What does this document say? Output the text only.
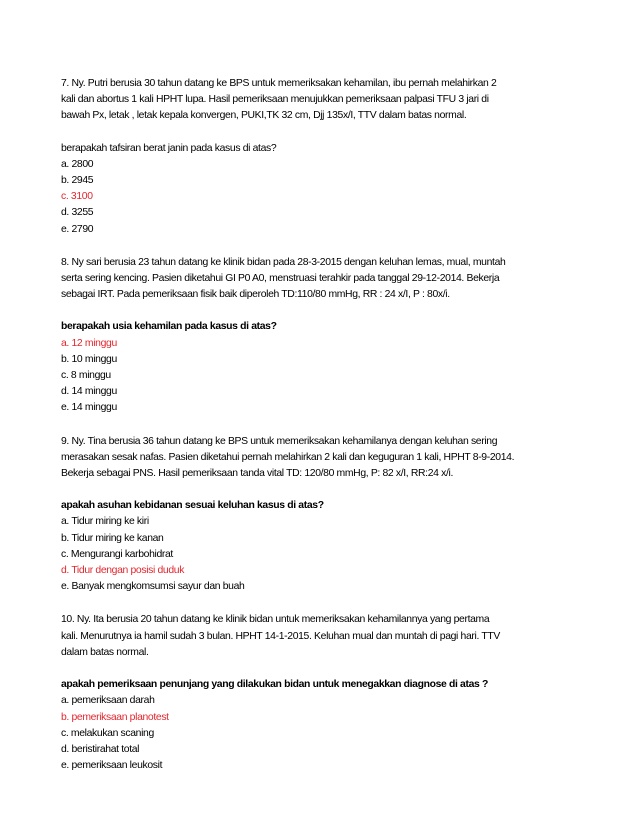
7. Ny. Putri berusia 30 tahun datang ke BPS untuk memeriksakan kehamilan, ibu pernah melahirkan 2
kali dan abortus 1 kali HPHT lupa. Hasil pemeriksaan menujukkan pemeriksaan palpasi TFU 3 jari di
bawah Px, letak , letak kepala konvergen, PUKI,TK 32 cm, Djj 135x/I, TTV dalam batas normal.

berapakah tafsiran berat janin pada kasus di atas?

a. 2800
b. 2945
c. 3100
d. 3255
e. 2790

8. Ny sari berusia 23 tahun datang ke klinik bidan pada 28-3-2015 dengan keluhan lemas, mual, muntah
serta sering kencing. Pasien diketahui GI P0 A0, menstruasi terahkir pada tanggal 29-12-2014. Bekerja
sebagai IRT. Pada pemeriksaan fisik baik diperoleh TD:110/80 mmHg, RR : 24 x/I, P : 80x/i.

berapakah usia kehamilan pada kasus di atas?

a. 12 minggu
b. 10 minggu
c. 8 minggu
d. 14 minggu
e. 14 minggu

9. Ny. Tina berusia 36 tahun datang ke BPS untuk memeriksakan kehamilanya dengan keluhan sering
merasakan sesak nafas. Pasien diketahui pernah melahirkan 2 kali dan keguguran 1 kali, HPHT 8-9-2014.
Bekerja sebagai PNS. Hasil pemeriksaan tanda vital TD: 120/80 mmHg, P: 82 x/I, RR:24 x/i.

apakah asuhan kebidanan sesuai keluhan kasus di atas?

a. Tidur miring ke kiri
b. Tidur miring ke kanan
c. Mengurangi karbohidrat
d. Tidur dengan posisi duduk
e. Banyak mengkomsumsi sayur dan buah

10. Ny. Ita berusia 20 tahun datang ke klinik bidan untuk memeriksakan kehamilannya yang pertama
kali. Menurutnya ia hamil sudah 3 bulan. HPHT 14-1-2015. Keluhan mual dan muntah di pagi hari. TTV
dalam batas normal.

apakah pemeriksaan penunjang yang dilakukan bidan untuk menegakkan diagnose di atas ?

a. pemeriksaan darah
b. pemeriksaan planotest
c. melakukan scaning
d. beristirahat total
e. pemeriksaan leukosit
